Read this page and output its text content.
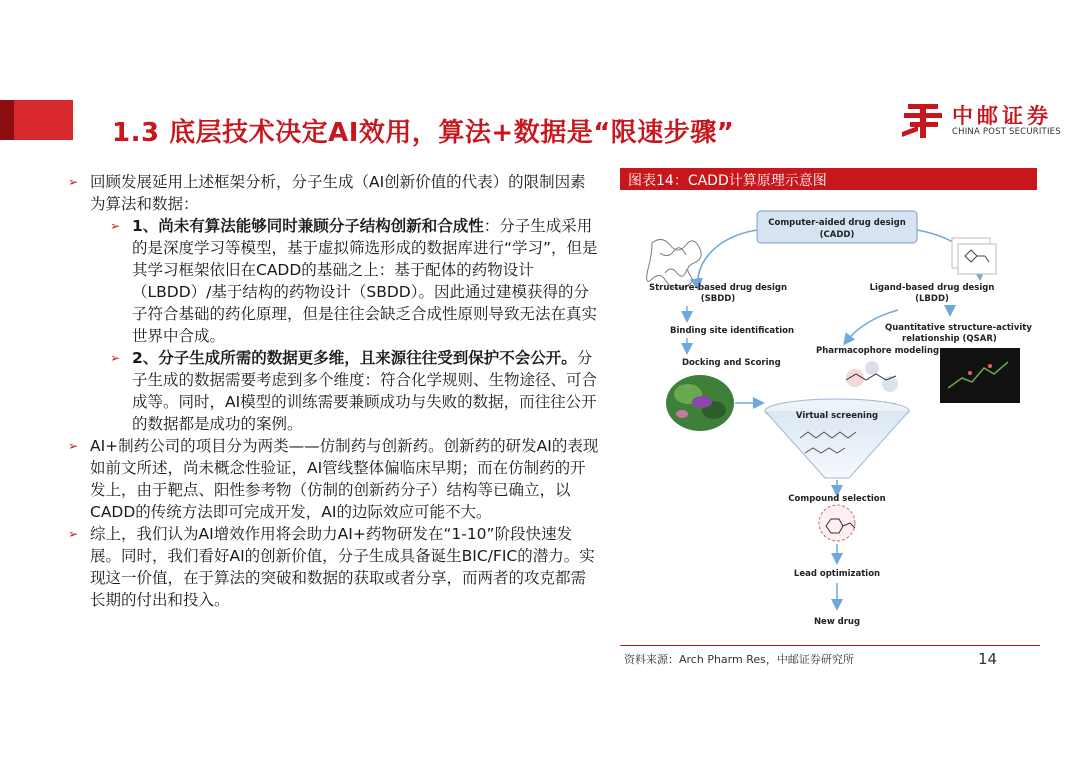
1.3 底层技术决定AI效用，算法+数据是“限速步骤”
中邮证券
CHINA POST SECURITIES
➢ 回顾发展延用上述框架分析，分子生成（AI创新价值的代表）的限制因素为算法和数据：
➢ 1、尚未有算法能够同时兼顾分子结构创新和合成性：分子生成采用的是深度学习等模型，基于虚拟筛选形成的数据库进行“学习”，但是其学习框架依旧在CADD的基础之上：基于配体的药物设计（LBDD）/基于结构的药物设计（SBDD）。因此通过建模获得的分子符合基础的药化原理，但是往往会缺乏合成性原则导致无法在真实世界中合成。
➢ 2、分子生成所需的数据更多维，且来源往往受到保护不会公开。分子生成的数据需要考虑到多个维度：符合化学规则、生物途径、可合成等。同时，AI模型的训练需要兼顾成功与失败的数据，而往往公开的数据都是成功的案例。
➢ AI+制药公司的项目分为两类——仿制药与创新药。创新药的研发AI的表现如前文所述，尚未概念性验证，AI管线整体偏临床早期；而在仿制药的开发上，由于靶点、阳性参考物（仿制的创新药分子）结构等已确立，以CADD的传统方法即可完成开发，AI的边际效应可能不大。
➢ 综上，我们认为AI增效作用将会助力AI+药物研发在“1-10”阶段快速发展。同时，我们看好AI的创新价值，分子生成具备诞生BIC/FIC的潜力。实现这一价值，在于算法的突破和数据的获取或者分享，而两者的攻克都需长期的付出和投入。
图表14：CADD计算原理示意图
Computer-aided drug design
(CADD)
Structure-based drug design
(SBDD)
Binding site identification
Docking and Scoring
Ligand-based drug design
(LBDD)
Quantitative structure-activity
relationship (QSAR)
Pharmacophore modeling
Virtual screening
Compound selection
Lead optimization
New drug
资料来源：Arch Pharm Res，中邮证券研究所	14
